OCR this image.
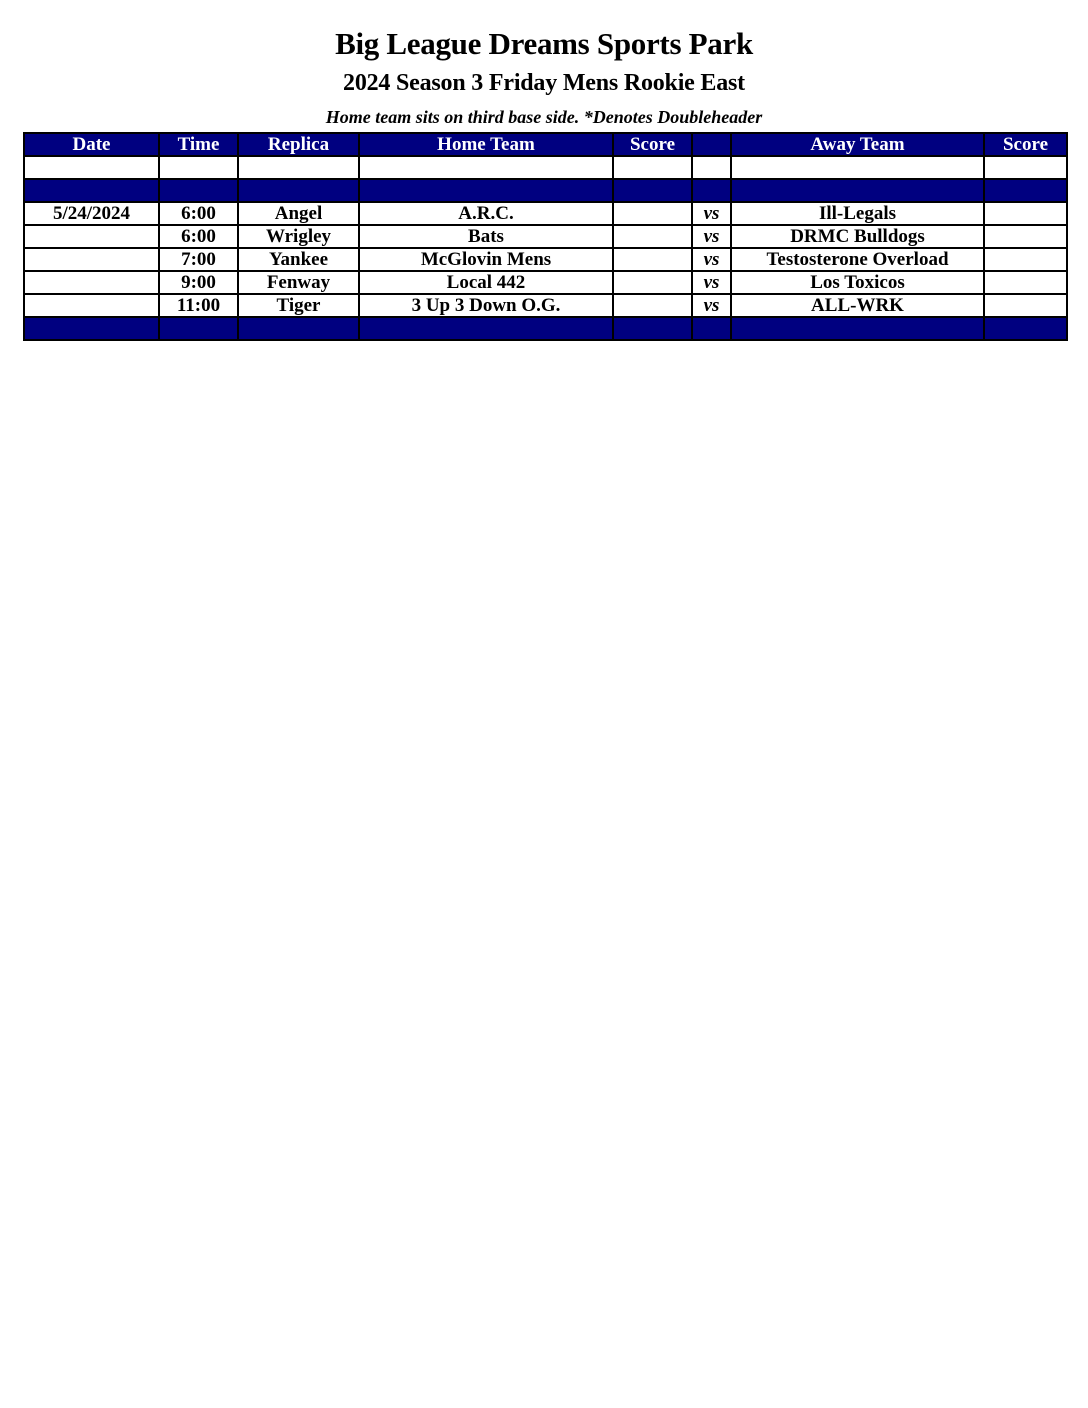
Big League Dreams Sports Park
2024 Season 3 Friday Mens Rookie East
Home team sits on third base side. *Denotes Doubleheader
Date	Time	Replica	Home Team	Score		Away Team	Score

5/24/2024	6:00	Angel	A.R.C.		vs	Ill-Legals	
	6:00	Wrigley	Bats		vs	DRMC Bulldogs	
	7:00	Yankee	McGlovin Mens		vs	Testosterone Overload	
	9:00	Fenway	Local 442		vs	Los Toxicos	
	11:00	Tiger	3 Up 3 Down O.G.		vs	ALL-WRK	
